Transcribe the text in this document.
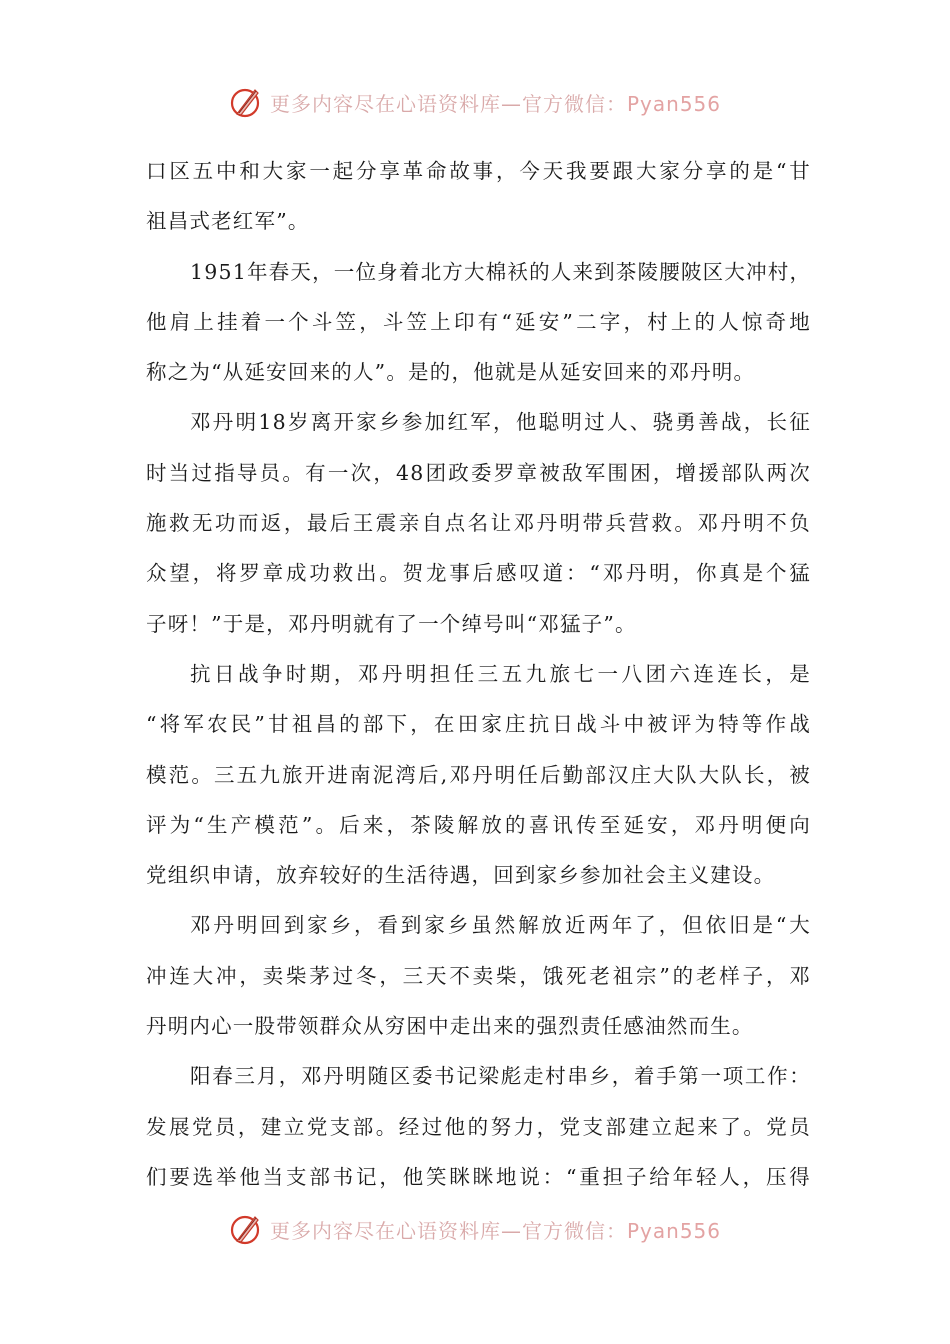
更多内容尽在心语资料库—官方微信：Pyan556
口区五中和大家一起分享革命故事，今天我要跟大家分享的是“甘
祖昌式老红军”。
1951年春天，一位身着北方大棉袄的人来到茶陵腰陂区大冲村，
他肩上挂着一个斗笠，斗笠上印有“延安”二字，村上的人惊奇地
称之为“从延安回来的人”。是的，他就是从延安回来的邓丹明。
邓丹明18岁离开家乡参加红军，他聪明过人、骁勇善战，长征
时当过指导员。有一次，48团政委罗章被敌军围困，增援部队两次
施救无功而返，最后王震亲自点名让邓丹明带兵营救。邓丹明不负
众望，将罗章成功救出。贺龙事后感叹道：“邓丹明，你真是个猛
子呀！”于是，邓丹明就有了一个绰号叫“邓猛子”。
抗日战争时期，邓丹明担任三五九旅七一八团六连连长，是
“将军农民”甘祖昌的部下，在田家庄抗日战斗中被评为特等作战
模范。三五九旅开进南泥湾后,邓丹明任后勤部汉庄大队大队长，被
评为“生产模范”。后来，茶陵解放的喜讯传至延安，邓丹明便向
党组织申请，放弃较好的生活待遇，回到家乡参加社会主义建设。
邓丹明回到家乡，看到家乡虽然解放近两年了，但依旧是“大
冲连大冲，卖柴茅过冬，三天不卖柴，饿死老祖宗”的老样子，邓
丹明内心一股带领群众从穷困中走出来的强烈责任感油然而生。
阳春三月，邓丹明随区委书记梁彪走村串乡，着手第一项工作：
发展党员，建立党支部。经过他的努力，党支部建立起来了。党员
们要选举他当支部书记，他笑眯眯地说：“重担子给年轻人，压得
更多内容尽在心语资料库—官方微信：Pyan556
